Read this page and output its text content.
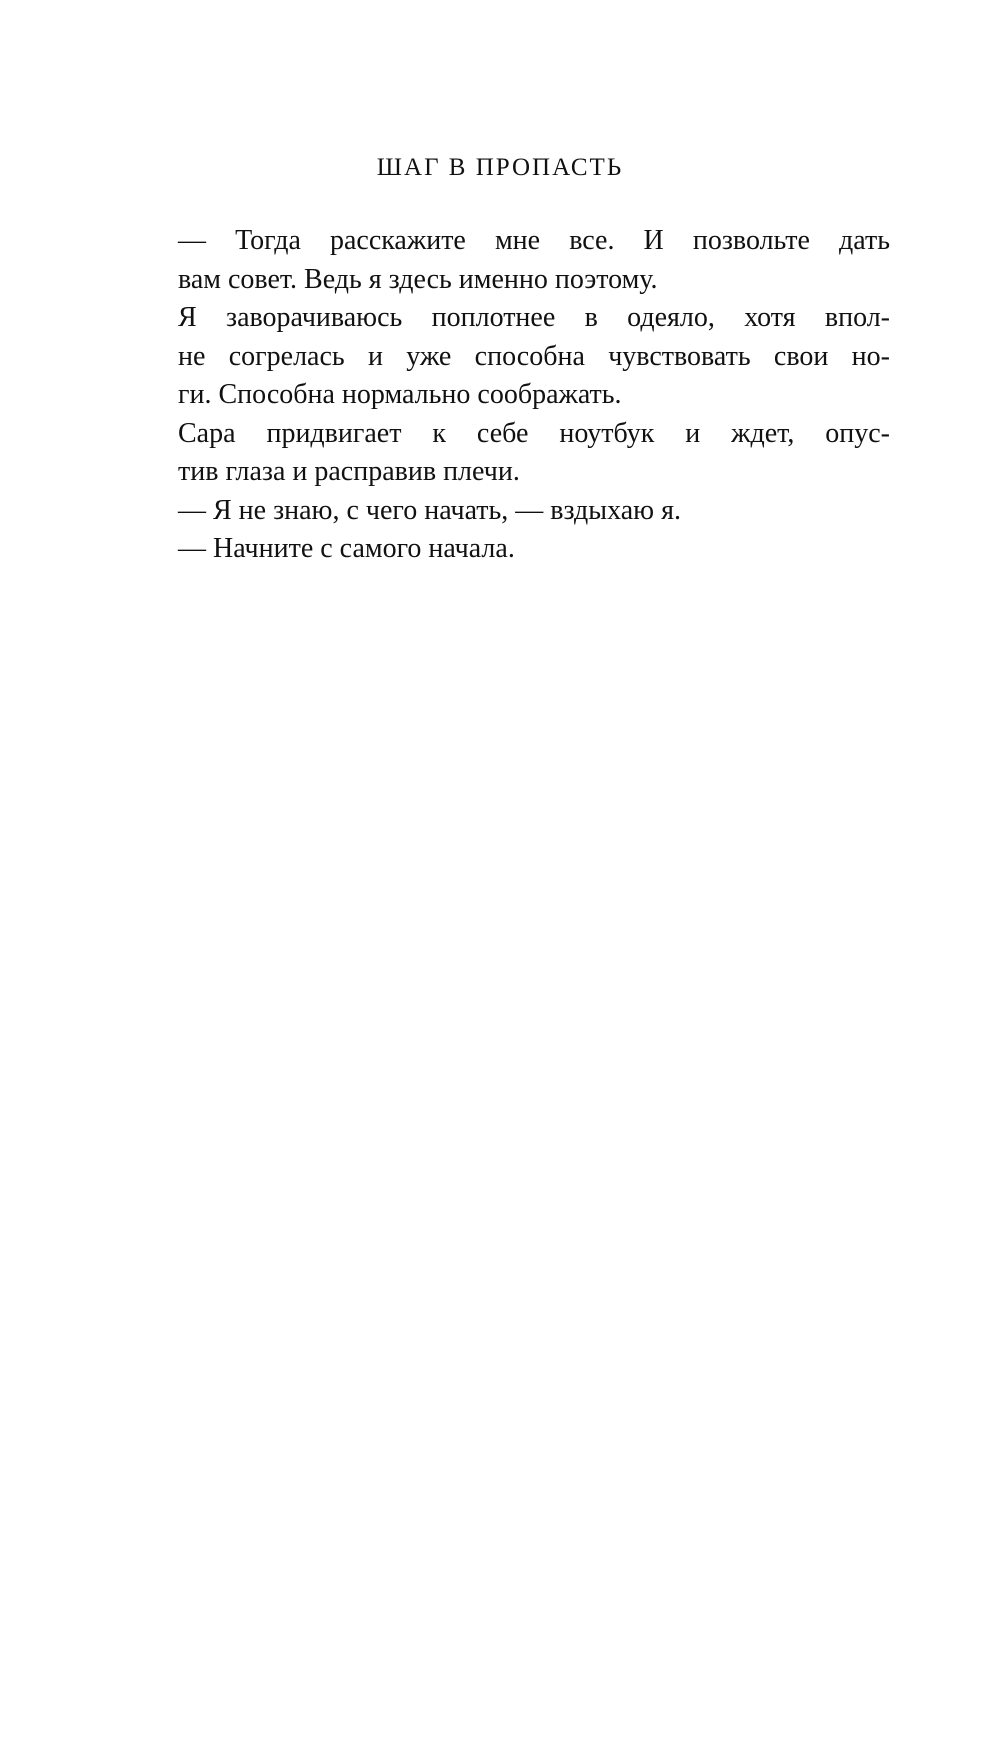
ШАГ В ПРОПАСТЬ

— Тогда расскажите мне все. И позвольте дать
вам совет. Ведь я здесь именно поэтому.

Я заворачиваюсь поплотнее в одеяло, хотя впол-
не согрелась и уже способна чувствовать свои но-
ги. Способна нормально соображать.

Сара придвигает к себе ноутбук и ждет, опус-
тив глаза и расправив плечи.

— Я не знаю, с чего начать, — вздыхаю я.

— Начните с самого начала.
